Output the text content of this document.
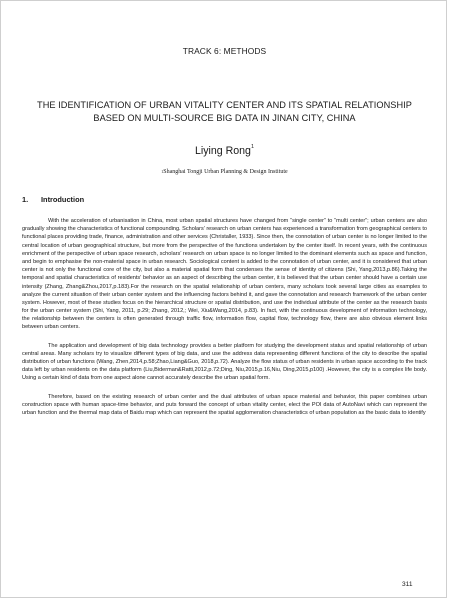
TRACK 6: METHODS
THE IDENTIFICATION OF URBAN VITALITY CENTER AND ITS SPATIAL RELATIONSHIP BASED ON MULTI-SOURCE BIG DATA IN JINAN CITY, CHINA
Liying Rong$^1$
$^1$Shanghai Tongji Urban Planning & Design Institute
1. Introduction

With the acceleration of urbanisation in China, most urban spatial structures have changed from “single center” to “multi center”; urban centers are also gradually showing the characteristics of functional compounding. Scholars’ research on urban centers has experienced a transformation from geographical centers to functional places providing trade, finance, administration and other services (Christaller, 1933). Since then, the connotation of urban center is no longer limited to the central location of urban geographical structure, but more from the perspective of the functions undertaken by the center itself. In recent years, with the continuous enrichment of the perspective of urban space research, scholars’ research on urban space is no longer limited to the dominant elements such as space and function, and begin to emphasise the non-material space in urban research. Sociological content is added to the connotation of urban center, and it is considered that urban center is not only the functional core of the city, but also a material spatial form that condenses the sense of identity of citizens (Shi, Yang,2013,p.86).Taking the temporal and spatial characteristics of residents’ behavior as an aspect of describing the urban center, it is believed that the urban center should have a certain use intensity (Zhang, Zhang&Zhou,2017,p.183).For the research on the spatial relationship of urban centers, many scholars took several large cities as examples to analyze the current situation of their urban center system and the influencing factors behind it, and gave the connotation and research framework of the urban center system. However, most of these studies focus on the hierarchical structure or spatial distribution, and use the individual attribute of the center as the research basis for the urban center system (Shi, Yang, 2011, p.29; Zhang, 2012,; Wei, Xiu&Wang,2014, p.83). In fact, with the continuous development of information technology, the relationship between the centers is often generated through traffic flow, information flow, capital flow, technology flow, there are also obvious element links between urban centers.

The application and development of big data technology provides a better platform for studying the development status and spatial relationship of urban central areas. Many scholars try to visualize different types of big data, and use the address data representing different functions of the city to describe the spatial distribution of urban functions (Wang, Zhen,2014,p.58;Zhao,Liang&Guo, 2018,p.72). Analyze the flow status of urban residents in urban space according to the track data left by urban residents on the data platform (Liu,Biderman&Ratti,2012,p.72;Ding, Niu,2015,p.16,Niu, Ding,2015,p100) .However, the city is a complex life body. Using a certain kind of data from one aspect alone cannot accurately describe the urban spatial form.

Therefore, based on the existing research of urban center and the dual attributes of urban space material and behavior, this paper combines urban construction space with human space-time behavior, and puts forward the concept of urban vitality center, elect the POI data of AutoNavi which can represent the urban function and the thermal map data of Baidu map which can represent the spatial agglomeration characteristics of urban population as the basic data to identify

311
